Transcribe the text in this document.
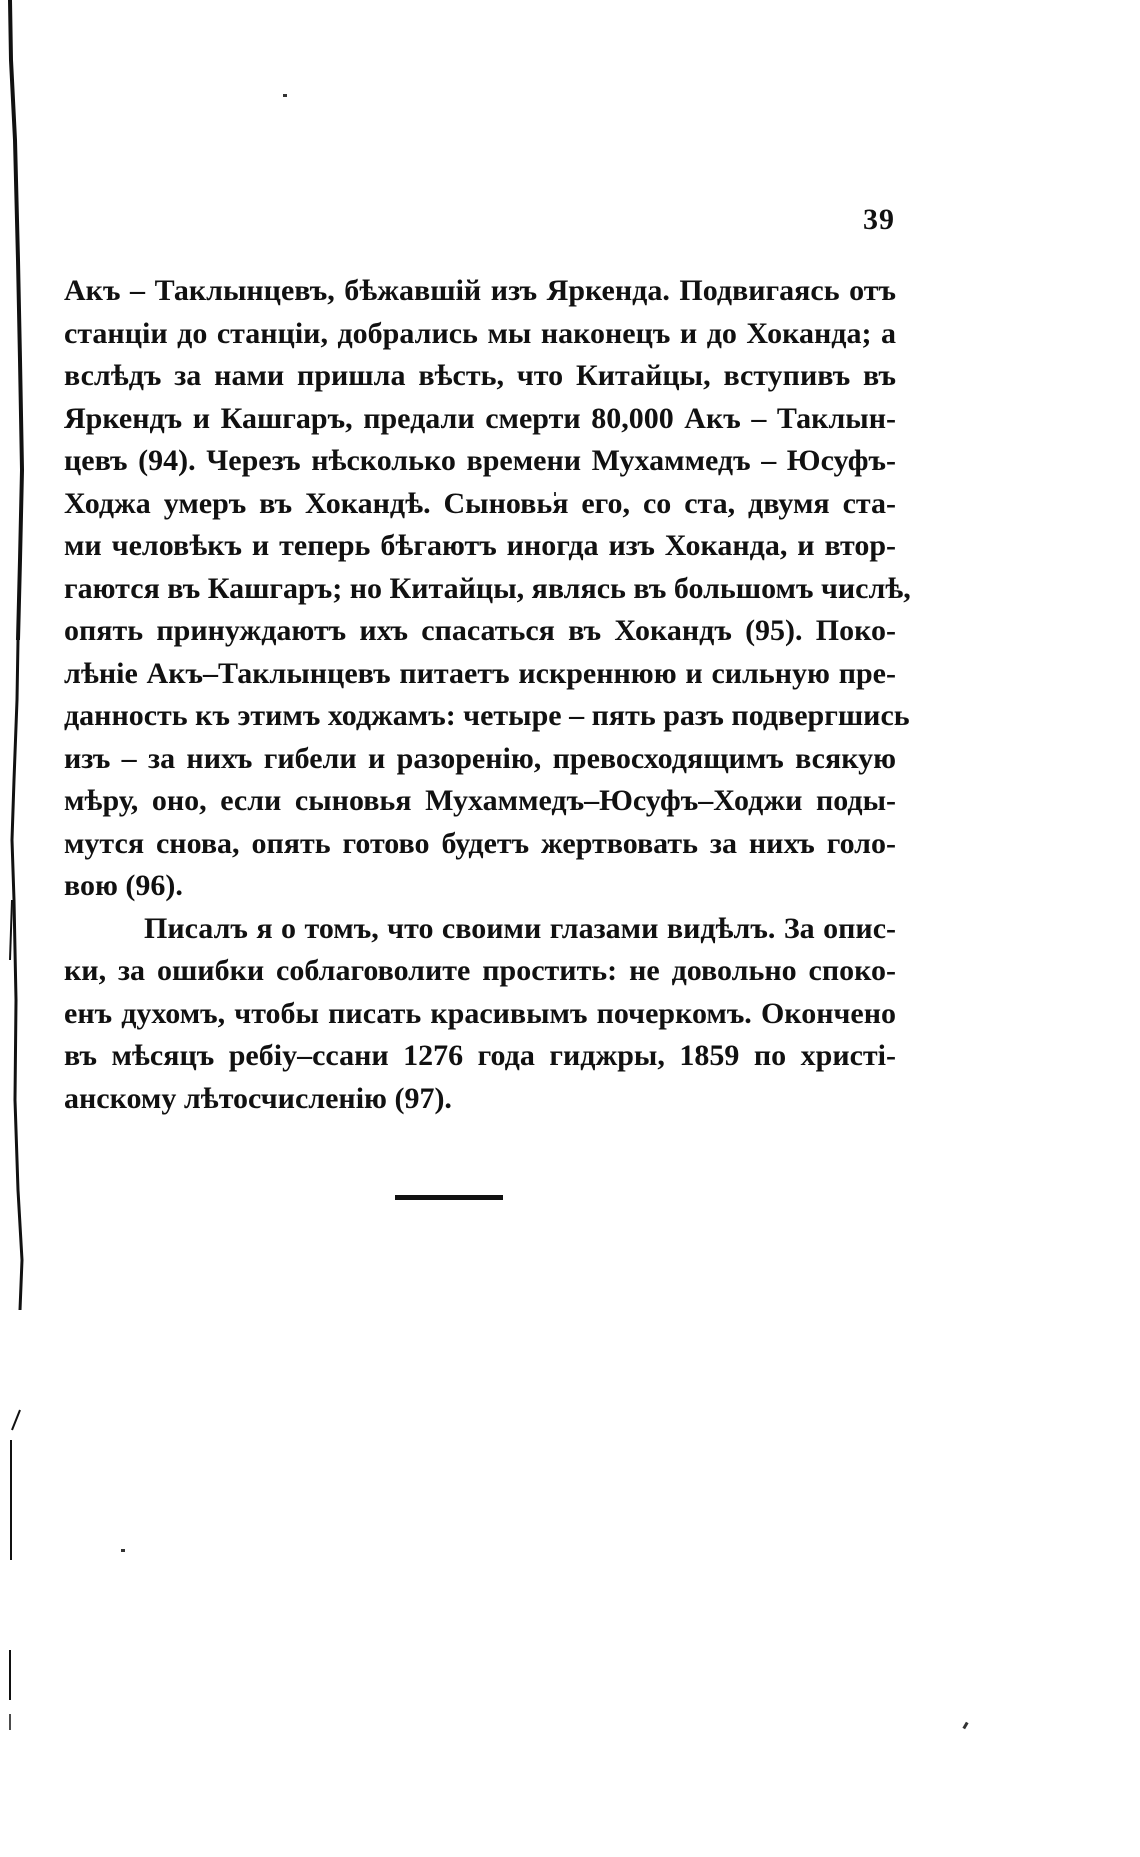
39
Акъ – Таклынцевъ, бѣжавшій изъ Яркенда. Подвигаясь отъ
станціи до станціи, добрались мы наконецъ и до Хоканда; а
вслѣдъ за нами пришла вѣсть, что Китайцы, вступивъ въ
Яркендъ и Кашгаръ, предали смерти 80,000 Акъ – Таклын-
цевъ (94). Черезъ нѣсколько времени Мухаммедъ – Юсуфъ-
Ходжа умеръ въ Хокандѣ. Сыновья его, со ста, двумя ста-
ми человѣкъ и теперь бѣгаютъ иногда изъ Хоканда, и втор-
гаются въ Кашгаръ; но Китайцы, являсь въ большомъ числѣ,
опять принуждаютъ ихъ спасаться въ Хокандъ (95). Поко-
лѣніе Акъ–Таклынцевъ питаетъ искреннюю и сильную пре-
данность къ этимъ ходжамъ: четыре – пять разъ подвергшись
изъ – за нихъ гибели и разоренію, превосходящимъ всякую
мѣру, оно, если сыновья Мухаммедъ–Юсуфъ–Ходжи поды-
мутся снова, опять готово будетъ жертвовать за нихъ голо-
вою (96).
Писалъ я о томъ, что своими глазами видѣлъ. За опис-
ки, за ошибки соблаговолите простить: не довольно споко-
енъ духомъ, чтобы писать красивымъ почеркомъ. Окончено
въ мѣсяцъ ребіу–ссани 1276 года гиджры, 1859 по христі-
анскому лѣтосчисленію (97).
